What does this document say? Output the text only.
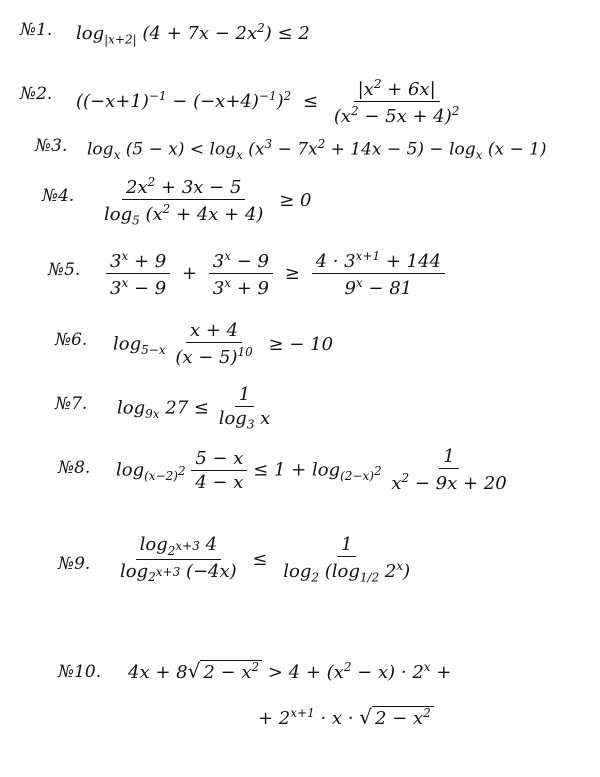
№1. $\log_{|x+2|} (4 + 7x - 2x^2) \le 2$
№2. $((-x+1)^{-1} - (-x+4)^{-1})^2 \le \frac{|x^2 + 6x|}{(x^2 - 5x + 4)^2}$
№3. $\log_x (5 - x) < \log_x (x^3 - 7x^2 + 14x - 5) - \log_x (x - 1)$
№4. $\frac{2x^2 + 3x - 5}{\log_5 (x^2 + 4x + 4)} \ge 0$
№5. $\frac{3^x + 9}{3^x - 9} + \frac{3^x - 9}{3^x + 9} \ge \frac{4 \cdot 3^{x+1} + 144}{9^x - 81}$
№6. $\log_{5-x} \frac{x + 4}{(x - 5)^{10}}$ ≥ − 10
№7. $\log_{9x} 27 \le \frac{1}{\log_3 x}$
№8. $\log_{(x-2)^2} \frac{5 - x}{4 - x} \le 1 + \log_{(2-x)^2} \frac{1}{x^2 - 9x + 20}$
№9. $\frac{\log_{2^{x+3}} 4}{\log_{2^{x+3}} (-4x)} \le \frac{1}{\log_2 (\log_{1/2} 2^x)}$
№10. 4x + 8√ $2 - x^2 > 4 + (x^2 - x) \cdot 2^x$ +
+ $2^{x+1} \cdot x$ · √ $2 - x^2$
